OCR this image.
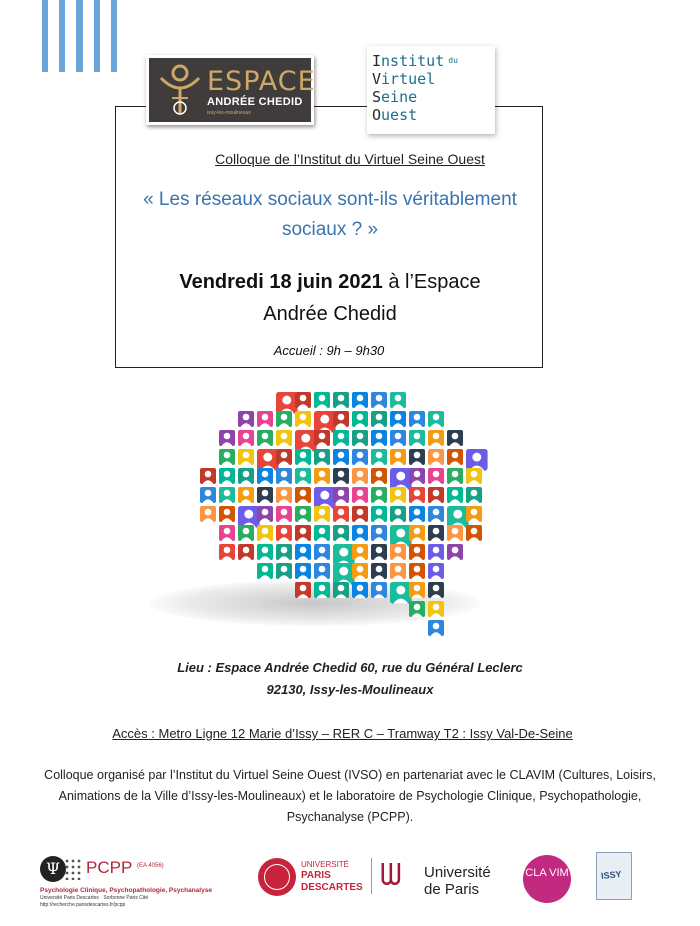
ESPACE
ANDRÉE CHEDID
issy-les-moulineaux
Institut $^{du}$
Virtuel
Seine
Ouest
Colloque de l’Institut du Virtuel Seine Ouest
« Les réseaux sociaux sont-ils véritablement sociaux ? »
Vendredi 18 juin 2021 à l’Espace
Andrée Chedid
Accueil : 9h – 9h30
Lieu : Espace Andrée Chedid 60, rue du Général Leclerc
92130, Issy-les-Moulineaux
Accès : Metro Ligne 12 Marie d’Issy – RER C – Tramway T2 : Issy Val-De-Seine
Colloque organisé par l’Institut du Virtuel Seine Ouest (IVSO) en partenariat avec le CLAVIM (Cultures, Loisirs, Animations de la Ville d’Issy-les-Moulineaux) et le laboratoire de Psychologie Clinique, Psychopathologie, Psychanalyse (PCPP).
Ψ	PCPP (EA 4056)
Psychologie Clinique, Psychopathologie, Psychanalyse
Université Paris Descartes · Sorbonne Paris Cité
http://recherche.parisdescartes.fr/pcpp
UNIVERSITÉ
PARIS
DESCARTES ᗯ Université
de Paris
CLA VIM	ISSY
